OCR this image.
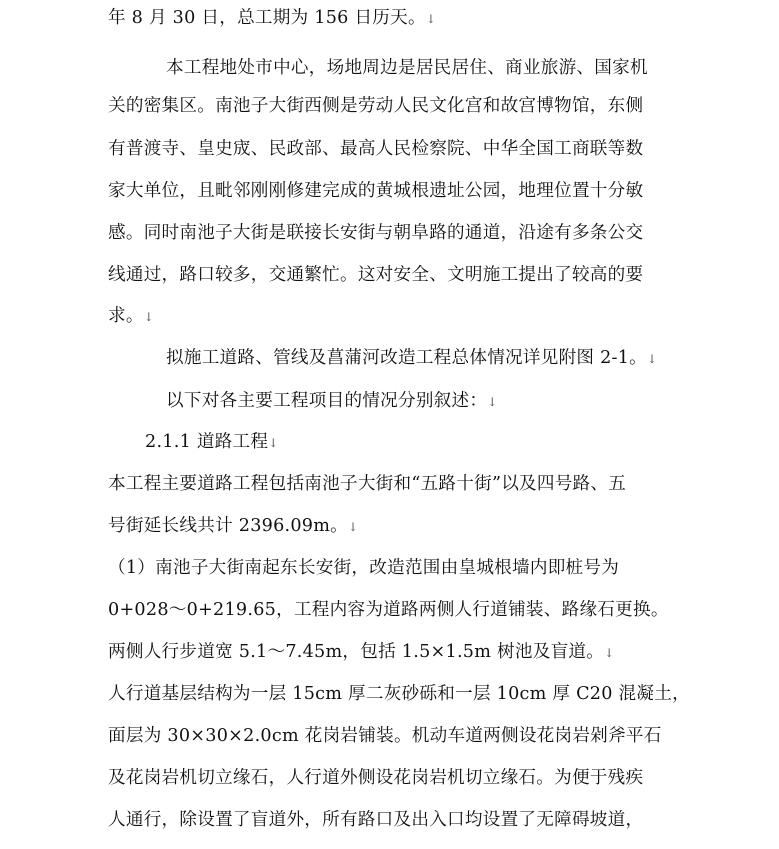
年 8 月 30 日，总工期为 156 日历天。↓
本工程地处市中心，场地周边是居民居住、商业旅游、国家机
关的密集区。南池子大街西侧是劳动人民文化宫和故宫博物馆，东侧
有普渡寺、皇史宬、民政部、最高人民检察院、中华全国工商联等数
家大单位，且毗邻刚刚修建完成的黄城根遗址公园，地理位置十分敏
感。同时南池子大街是联接长安街与朝阜路的通道，沿途有多条公交
线通过，路口较多，交通繁忙。这对安全、文明施工提出了较高的要
求。↓
拟施工道路、管线及菖蒲河改造工程总体情况详见附图 2-1。↓
以下对各主要工程项目的情况分别叙述：↓
2.1.1 道路工程↓
本工程主要道路工程包括南池子大街和“五路十街”以及四号路、五
号街延长线共计 2396.09m。↓
（1）南池子大街南起东长安街，改造范围由皇城根墙内即桩号为
0+028～0+219.65，工程内容为道路两侧人行道铺装、路缘石更换。
两侧人行步道宽 5.1～7.45m，包括 1.5×1.5m 树池及盲道。↓
人行道基层结构为一层 15cm 厚二灰砂砾和一层 10cm 厚 C20 混凝土，
面层为 30×30×2.0cm 花岗岩铺装。机动车道两侧设花岗岩剁斧平石
及花岗岩机切立缘石，人行道外侧设花岗岩机切立缘石。为便于残疾
人通行，除设置了盲道外，所有路口及出入口均设置了无障碍坡道，
